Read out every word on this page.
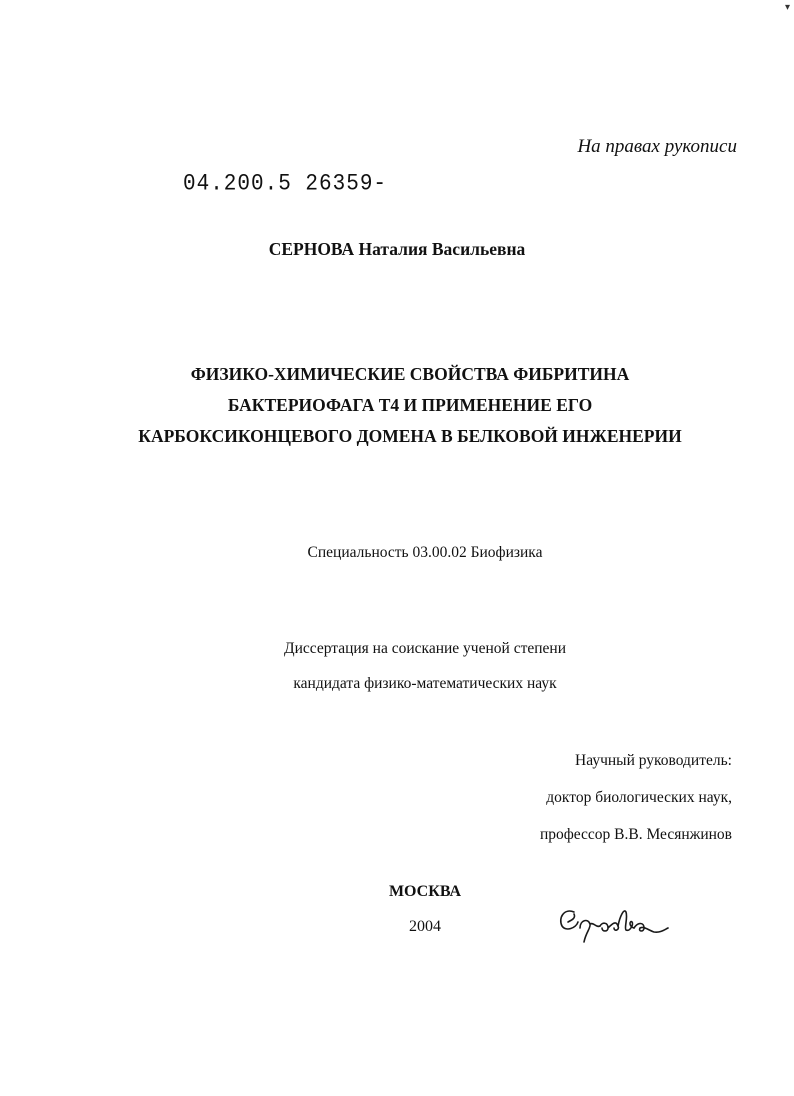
▾
На правах рукописи
04.200.5 26359-
СЕРНОВА Наталия Васильевна
ФИЗИКО-ХИМИЧЕСКИЕ СВОЙСТВА ФИБРИТИНА
БАКТЕРИОФАГА Т4 И ПРИМЕНЕНИЕ ЕГО
КАРБОКСИКОНЦЕВОГО ДОМЕНА В БЕЛКОВОЙ ИНЖЕНЕРИИ
Специальность 03.00.02 Биофизика
Диссертация на соискание ученой степени
кандидата физико-математических наук
Научный руководитель:
доктор биологических наук,
профессор В.В. Месянжинов
МОСКВА
2004
